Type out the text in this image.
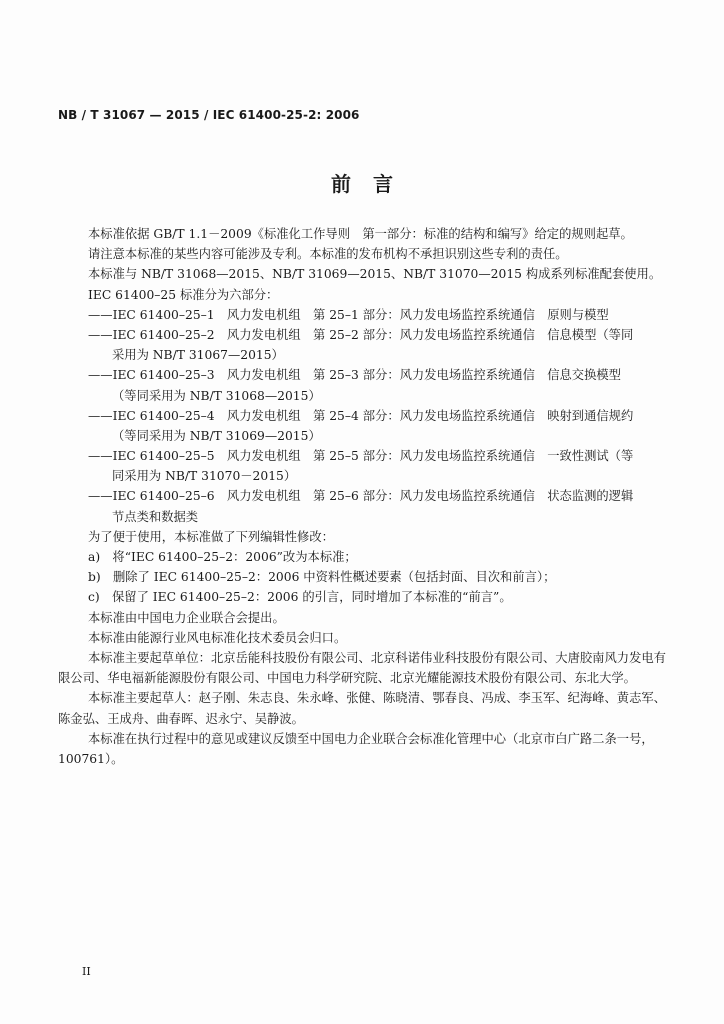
NB / T 31067 — 2015 / IEC 61400-25-2: 2006
前言
本标准依据 GB/T 1.1－2009《标准化工作导则　第一部分：标准的结构和编写》给定的规则起草。
请注意本标准的某些内容可能涉及专利。本标准的发布机构不承担识别这些专利的责任。
本标准与 NB/T 31068—2015、NB/T 31069—2015、NB/T 31070—2015 构成系列标准配套使用。
IEC 61400–25 标准分为六部分：
——IEC 61400–25–1　风力发电机组　第 25–1 部分：风力发电场监控系统通信　原则与模型
——IEC 61400–25–2　风力发电机组　第 25–2 部分：风力发电场监控系统通信　信息模型（等同
采用为 NB/T 31067—2015）
——IEC 61400–25–3　风力发电机组　第 25–3 部分：风力发电场监控系统通信　信息交换模型
（等同采用为 NB/T 31068—2015）
——IEC 61400–25–4　风力发电机组　第 25–4 部分：风力发电场监控系统通信　映射到通信规约
（等同采用为 NB/T 31069—2015）
——IEC 61400–25–5　风力发电机组　第 25–5 部分：风力发电场监控系统通信　一致性测试（等
同采用为 NB/T 31070－2015）
——IEC 61400–25–6　风力发电机组　第 25–6 部分：风力发电场监控系统通信　状态监测的逻辑
节点类和数据类
为了便于使用，本标准做了下列编辑性修改：
a)　将“IEC 61400–25–2：2006”改为本标准；
b)　删除了 IEC 61400–25–2：2006 中资料性概述要素（包括封面、目次和前言）；
c)　保留了 IEC 61400–25–2：2006 的引言，同时增加了本标准的“前言”。
本标准由中国电力企业联合会提出。
本标准由能源行业风电标准化技术委员会归口。
本标准主要起草单位：北京岳能科技股份有限公司、北京科诺伟业科技股份有限公司、大唐胶南风力发电有限公司、华电福新能源股份有限公司、中国电力科学研究院、北京光耀能源技术股份有限公司、东北大学。
本标准主要起草人：赵子刚、朱志良、朱永峰、张健、陈晓清、鄂春良、冯成、李玉军、纪海峰、黄志军、陈金弘、王成舟、曲春晖、迟永宁、吴静波。
本标准在执行过程中的意见或建议反馈至中国电力企业联合会标准化管理中心（北京市白广路二条一号，100761）。
II
